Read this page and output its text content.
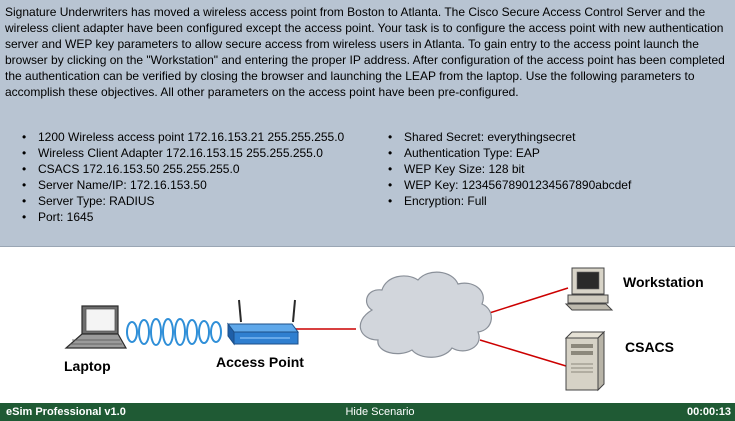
Signature Underwriters has moved a wireless access point from Boston to Atlanta. The Cisco Secure Access Control Server and the wireless client adapter have been configured except the access point. Your task is to configure the access point with new authentication server and WEP key parameters to allow secure access from wireless users in Atlanta. To gain entry to the access point launch the browser by clicking on the "Workstation" and entering the proper IP address. After configuration of the access point has been completed the authentication can be verified by closing the browser and launching the LEAP from the laptop. Use the following parameters to accomplish these objectives. All other parameters on the access point have been pre-configured.

• 1200 Wireless access point 172.16.153.21 255.255.255.0
• Wireless Client Adapter 172.16.153.15 255.255.255.0
• CSACS 172.16.153.50 255.255.255.0
• Server Name/IP: 172.16.153.50
• Server Type: RADIUS
• Port: 1645
• Shared Secret: everythingsecret
• Authentication Type: EAP
• WEP Key Size: 128 bit
• WEP Key: 12345678901234567890abcdef
• Encryption: Full
Laptop	Access Point
Workstation
CSACS
eSim Professional v1.0	Hide Scenario	00:00:13
